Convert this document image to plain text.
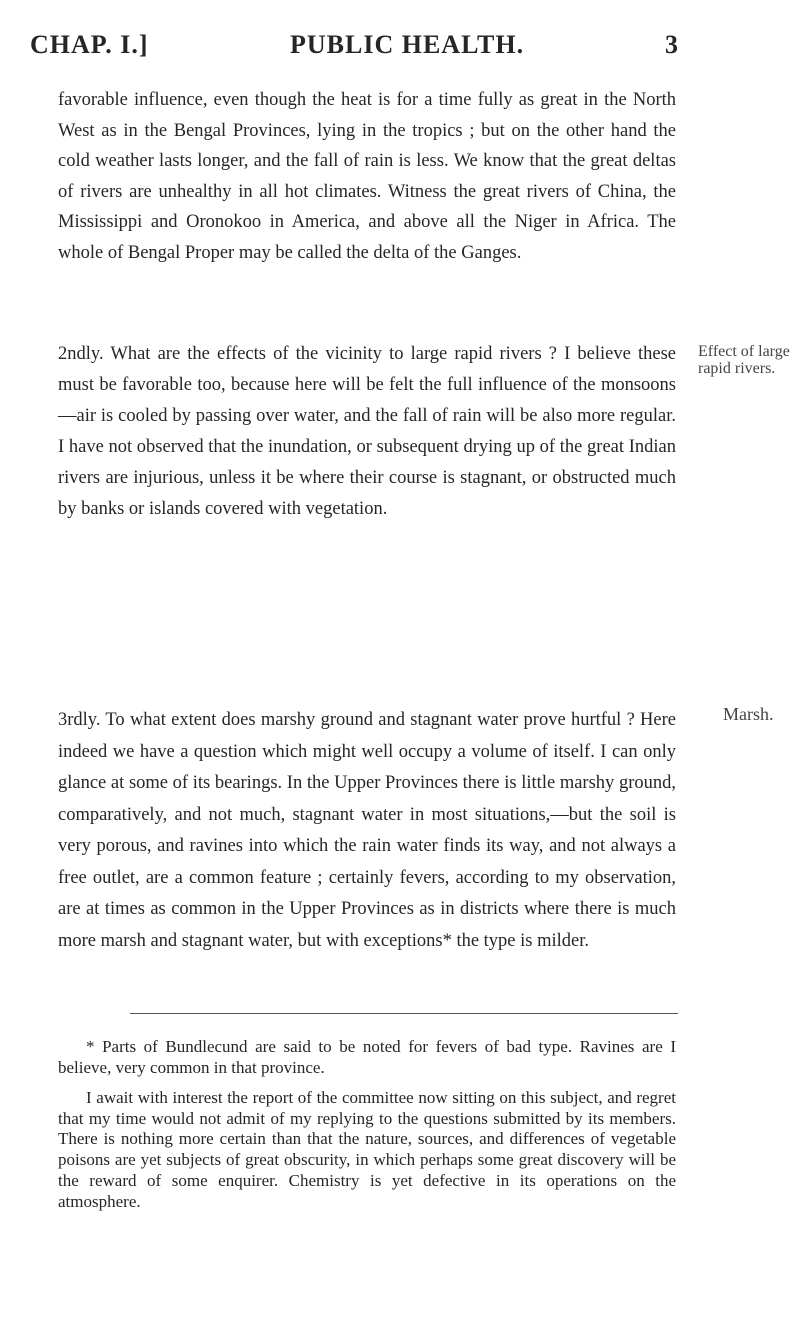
CHAP. I.]	PUBLIC HEALTH.	3

favorable influence, even though the heat is for a time fully as great in the North West as in the Bengal Provinces, lying in the tropics ; but on the other hand the cold weather lasts longer, and the fall of rain is less. We know that the great deltas of rivers are unhealthy in all hot climates. Witness the great rivers of China, the Mississippi and Oronokoo in America, and above all the Niger in Africa. The whole of Bengal Proper may be called the delta of the Ganges.

2ndly. What are the effects of the vicinity to large rapid rivers ? I believe these must be favorable too, because here will be felt the full influence of the monsoons—air is cooled by passing over water, and the fall of rain will be also more regular. I have not observed that the inundation, or subsequent drying up of the great Indian rivers are injurious, unless it be where their course is stagnant, or obstructed much by banks or islands covered with vegetation.

Effect of large rapid rivers.

3rdly. To what extent does marshy ground and stagnant water prove hurtful ? Here indeed we have a question which might well occupy a volume of itself. I can only glance at some of its bearings. In the Upper Provinces there is little marshy ground, comparatively, and not much, stagnant water in most situations,—but the soil is very porous, and ravines into which the rain water finds its way, and not always a free outlet, are a common feature ; certainly fevers, according to my observation, are at times as common in the Upper Provinces as in districts where there is much more marsh and stagnant water, but with exceptions* the type is milder.

Marsh.

* Parts of Bundlecund are said to be noted for fevers of bad type. Ravines are I believe, very common in that province.

I await with interest the report of the committee now sitting on this subject, and regret that my time would not admit of my replying to the questions submitted by its members. There is nothing more certain than that the nature, sources, and differences of vegetable poisons are yet subjects of great obscurity, in which perhaps some great discovery will be the reward of some enquirer. Chemistry is yet defective in its operations on the atmosphere.
